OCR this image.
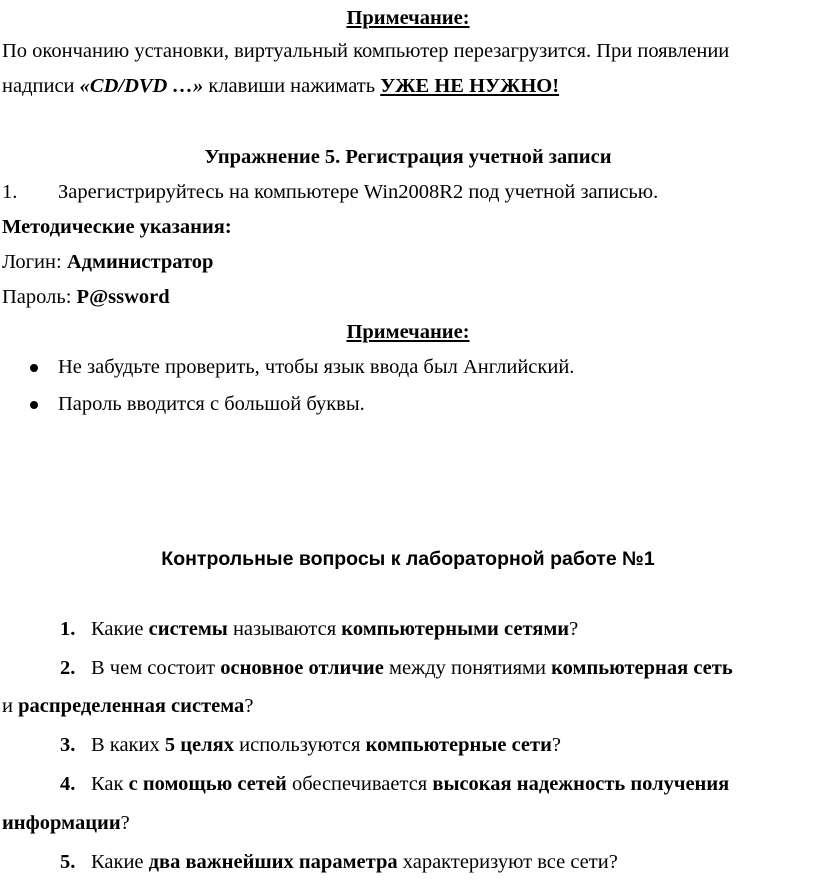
Примечание:
По окончанию установки, виртуальный компьютер перезагрузится. При появлении
надписи «CD/DVD …» клавиши нажимать УЖЕ НЕ НУЖНО!
Упражнение 5. Регистрация учетной записи
1. Зарегистрируйтесь на компьютере Win2008R2 под учетной записью.
Методические указания:
Логин: Администратор
Пароль: P@ssword
Примечание:
Не забудьте проверить, чтобы язык ввода был Английский.
Пароль вводится с большой буквы.
Контрольные вопросы к лабораторной работе №1
1. Какие системы называются компьютерными сетями?
2. В чем состоит основное отличие между понятиями компьютерная сеть
и распределенная система?
3. В каких 5 целях используются компьютерные сети?
4. Как с помощью сетей обеспечивается высокая надежность получения
информации?
5. Какие два важнейших параметра характеризуют все сети?
